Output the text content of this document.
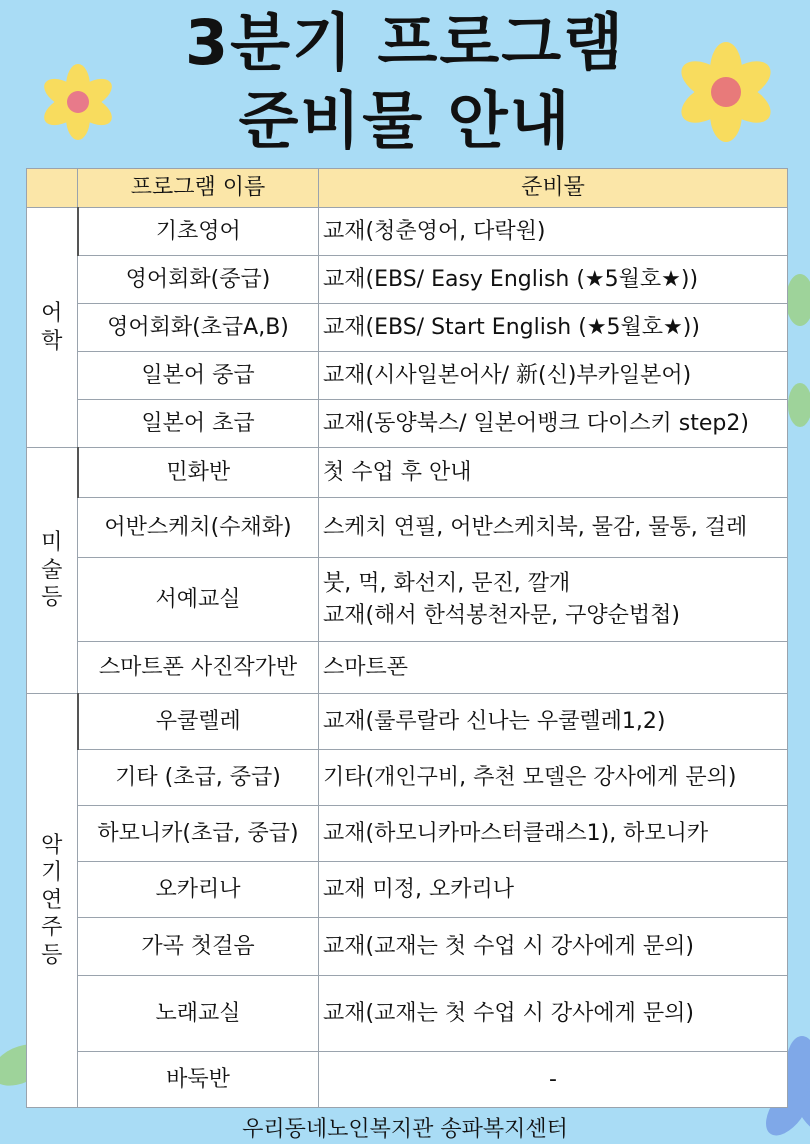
3분기 프로그램
준비물 안내
	프로그램 이름	준비물

어학	기초영어	교재(청춘영어, 다락원)
	영어회화(중급)	교재(EBS/ Easy English (★5월호★))
	영어회화(초급A,B)	교재(EBS/ Start English (★5월호★))
	일본어 중급	교재(시사일본어사/ 新(신)부카일본어)
	일본어 초급	교재(동양북스/ 일본어뱅크 다이스키 step2)

미술 등	민화반	첫 수업 후 안내
	어반스케치(수채화)	스케치 연필, 어반스케치북, 물감, 물통, 걸레
	서예교실	붓, 먹, 화선지, 문진, 깔개
교재(해서 한석봉천자문, 구양순법첩)

	스마트폰 사진작가반	스마트폰

악기연주 등	우쿨렐레	교재(룰루랄라 신나는 우쿨렐레1,2)
	기타 (초급, 중급)	기타(개인구비, 추천 모델은 강사에게 문의)
	하모니카(초급, 중급)	교재(하모니카마스터클래스1), 하모니카
	오카리나	교재 미정, 오카리나
	가곡 첫걸음	교재(교재는 첫 수업 시 강사에게 문의)
	노래교실	교재(교재는 첫 수업 시 강사에게 문의)
	바둑반	-
우리동네노인복지관 송파복지센터
